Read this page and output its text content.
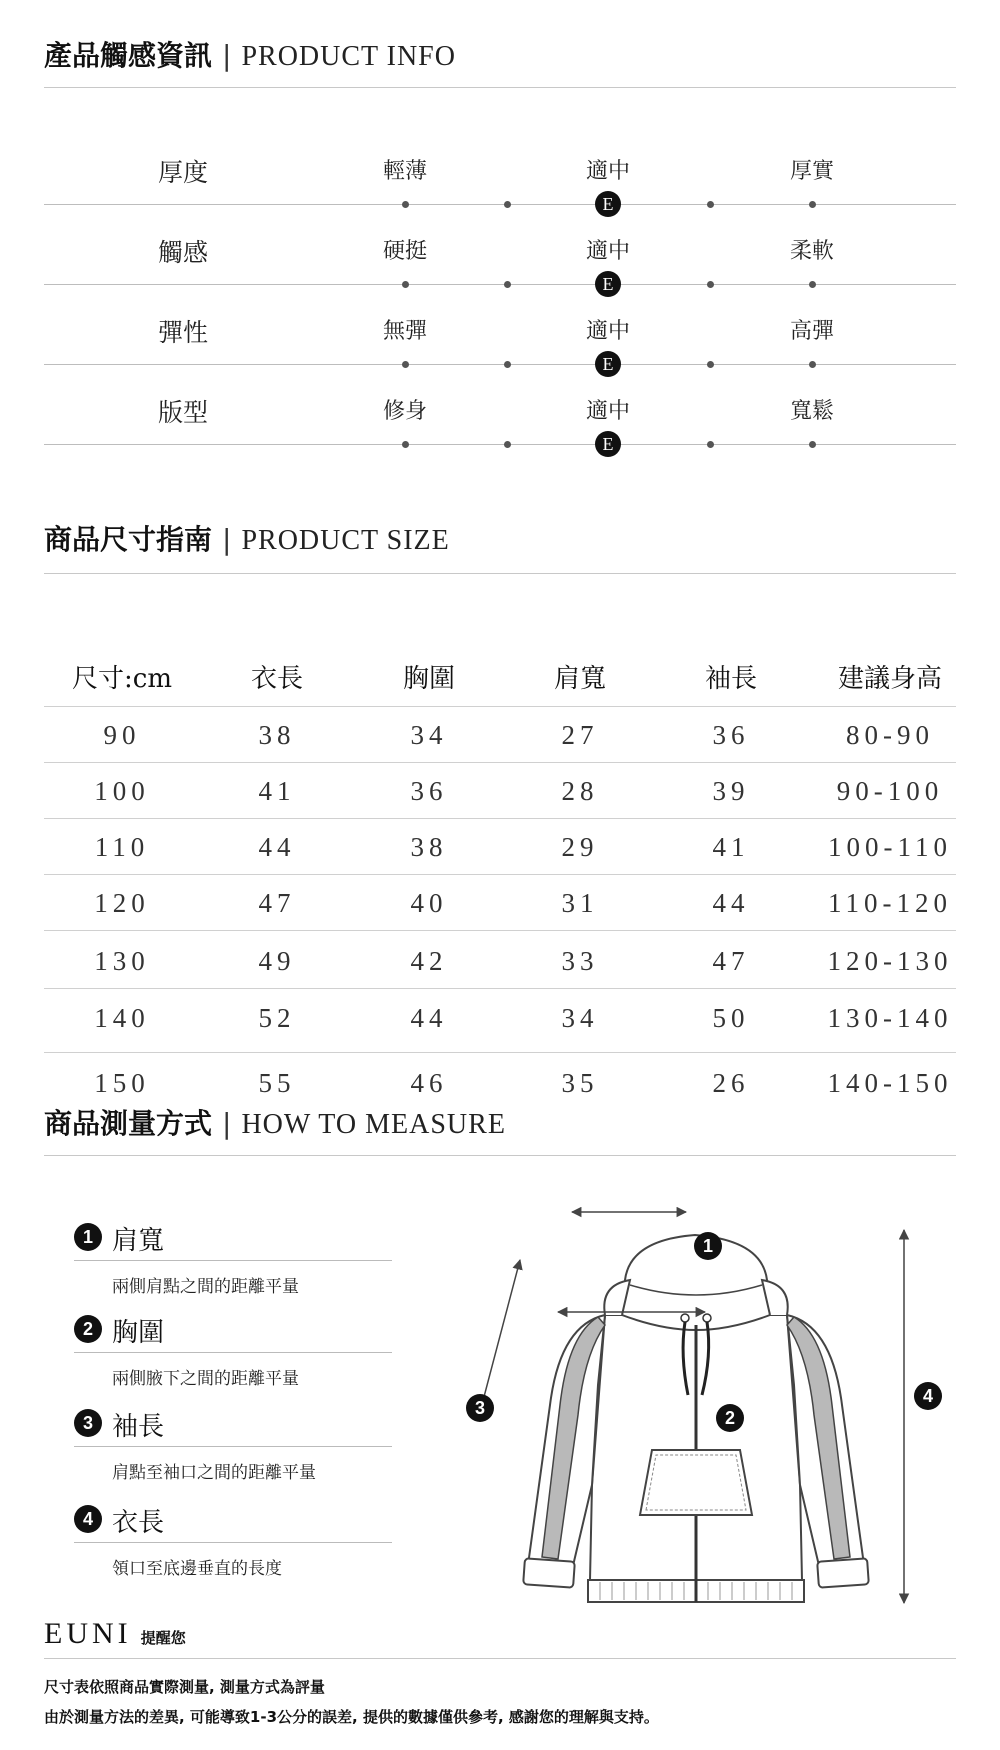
產品觸感資訊 | PRODUCT INFO
厚度	輕薄	適中	厚實
E
觸感	硬挺	適中	柔軟
E
彈性	無彈	適中	高彈
E
版型	修身	適中	寬鬆
E
商品尺寸指南 | PRODUCT SIZE
尺寸:cm	衣長	胸圍	肩寬	袖長	建議身高
90	38	34	27	36	80-90
100	41	36	28	39	90-100
110	44	38	29	41	100-110
120	47	40	31	44	110-120
130	49	42	33	47	120-130
140	52	44	34	50	130-140
150	55	46	35	26	140-150
商品測量方式 | HOW TO MEASURE
1 肩寬
兩側肩點之間的距離平量
2 胸圍
兩側腋下之間的距離平量
3 袖長
肩點至袖口之間的距離平量
4 衣長
領口至底邊垂直的長度
1
2
3
4
EUNI 提醒您
尺寸表依照商品實際測量, 測量方式為評量
由於測量方法的差異, 可能導致1-3公分的誤差, 提供的數據僅供參考, 感謝您的理解與支持。
